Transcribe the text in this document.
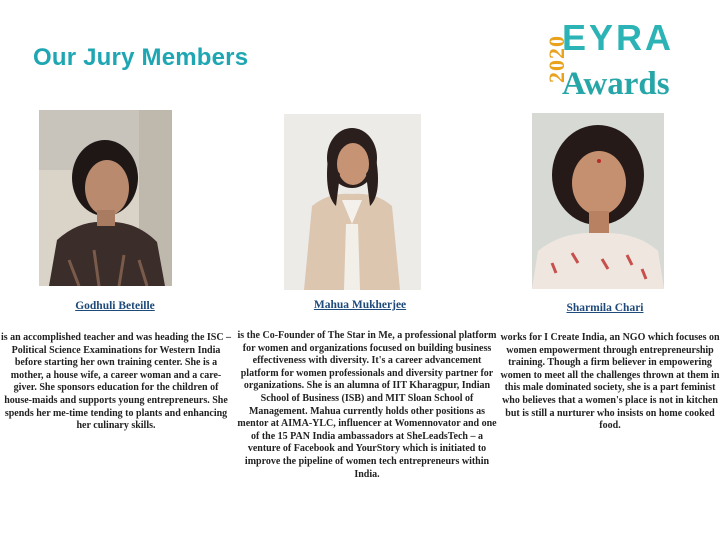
Our Jury Members	2020
EYRA
Awards
Godhuli Beteille	Mahua Mukherjee	Sharmila Chari
is an accomplished teacher and was heading the ISC – Political Science Examinations for Western India before starting her own training center. She is a mother, a house wife, a career woman and a care-giver. She sponsors education for the children of house-maids and supports young entrepreneurs. She spends her me-time tending to plants and enhancing her culinary skills.
is the Co-Founder of The Star in Me, a professional platform for women and organizations focused on building business effectiveness with diversity. It's a career advancement platform for women professionals and diversity partner for organizations. She is an alumna of IIT Kharagpur, Indian School of Business (ISB) and MIT Sloan School of Management. Mahua currently holds other positions as mentor at AIMA-YLC, influencer at Womennovator and one of the 15 PAN India ambassadors at SheLeadsTech – a venture of Facebook and YourStory which is initiated to improve the pipeline of women tech entrepreneurs within India.
works for I Create India, an NGO which focuses on women empowerment through entrepreneurship training. Though a firm believer in empowering women to meet all the challenges thrown at them in this male dominated society, she is a part feminist who believes that a women's place is not in kitchen but is still a nurturer who insists on home cooked food.
